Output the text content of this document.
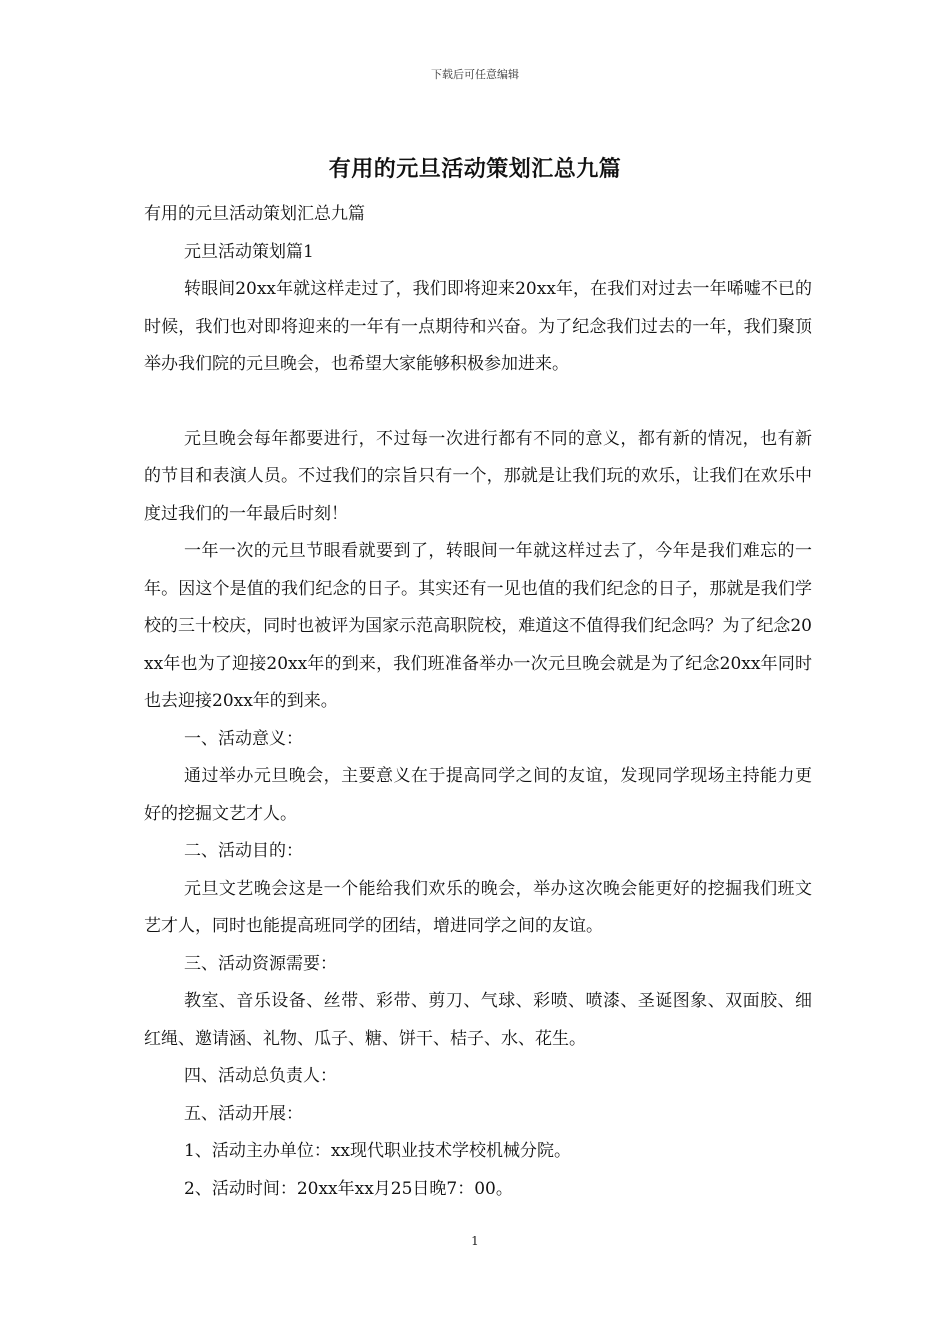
下载后可任意编辑
有用的元旦活动策划汇总九篇

有用的元旦活动策划汇总九篇

元旦活动策划篇1

转眼间20xx年就这样走过了，我们即将迎来20xx年，在我们对过去一年唏嘘不已的时候，我们也对即将迎来的一年有一点期待和兴奋。为了纪念我们过去的一年，我们聚顶举办我们院的元旦晚会，也希望大家能够积极参加进来。

元旦晚会每年都要进行，不过每一次进行都有不同的意义，都有新的情况，也有新的节目和表演人员。不过我们的宗旨只有一个，那就是让我们玩的欢乐，让我们在欢乐中度过我们的一年最后时刻！

一年一次的元旦节眼看就要到了，转眼间一年就这样过去了，今年是我们难忘的一年。因这个是值的我们纪念的日子。其实还有一见也值的我们纪念的日子，那就是我们学校的三十校庆，同时也被评为国家示范高职院校，难道这不值得我们纪念吗？为了纪念20xx年也为了迎接20xx年的到来，我们班准备举办一次元旦晚会就是为了纪念20xx年同时也去迎接20xx年的到来。

一、活动意义：

通过举办元旦晚会，主要意义在于提高同学之间的友谊，发现同学现场主持能力更好的挖掘文艺才人。

二、活动目的：

元旦文艺晚会这是一个能给我们欢乐的晚会，举办这次晚会能更好的挖掘我们班文艺才人，同时也能提高班同学的团结，增进同学之间的友谊。

三、活动资源需要：

教室、音乐设备、丝带、彩带、剪刀、气球、彩喷、喷漆、圣诞图象、双面胶、细红绳、邀请涵、礼物、瓜子、糖、饼干、桔子、水、花生。

四、活动总负责人：

五、活动开展：

1、活动主办单位：xx现代职业技术学校机械分院。

2、活动时间：20xx年xx月25日晚7：00。

1
